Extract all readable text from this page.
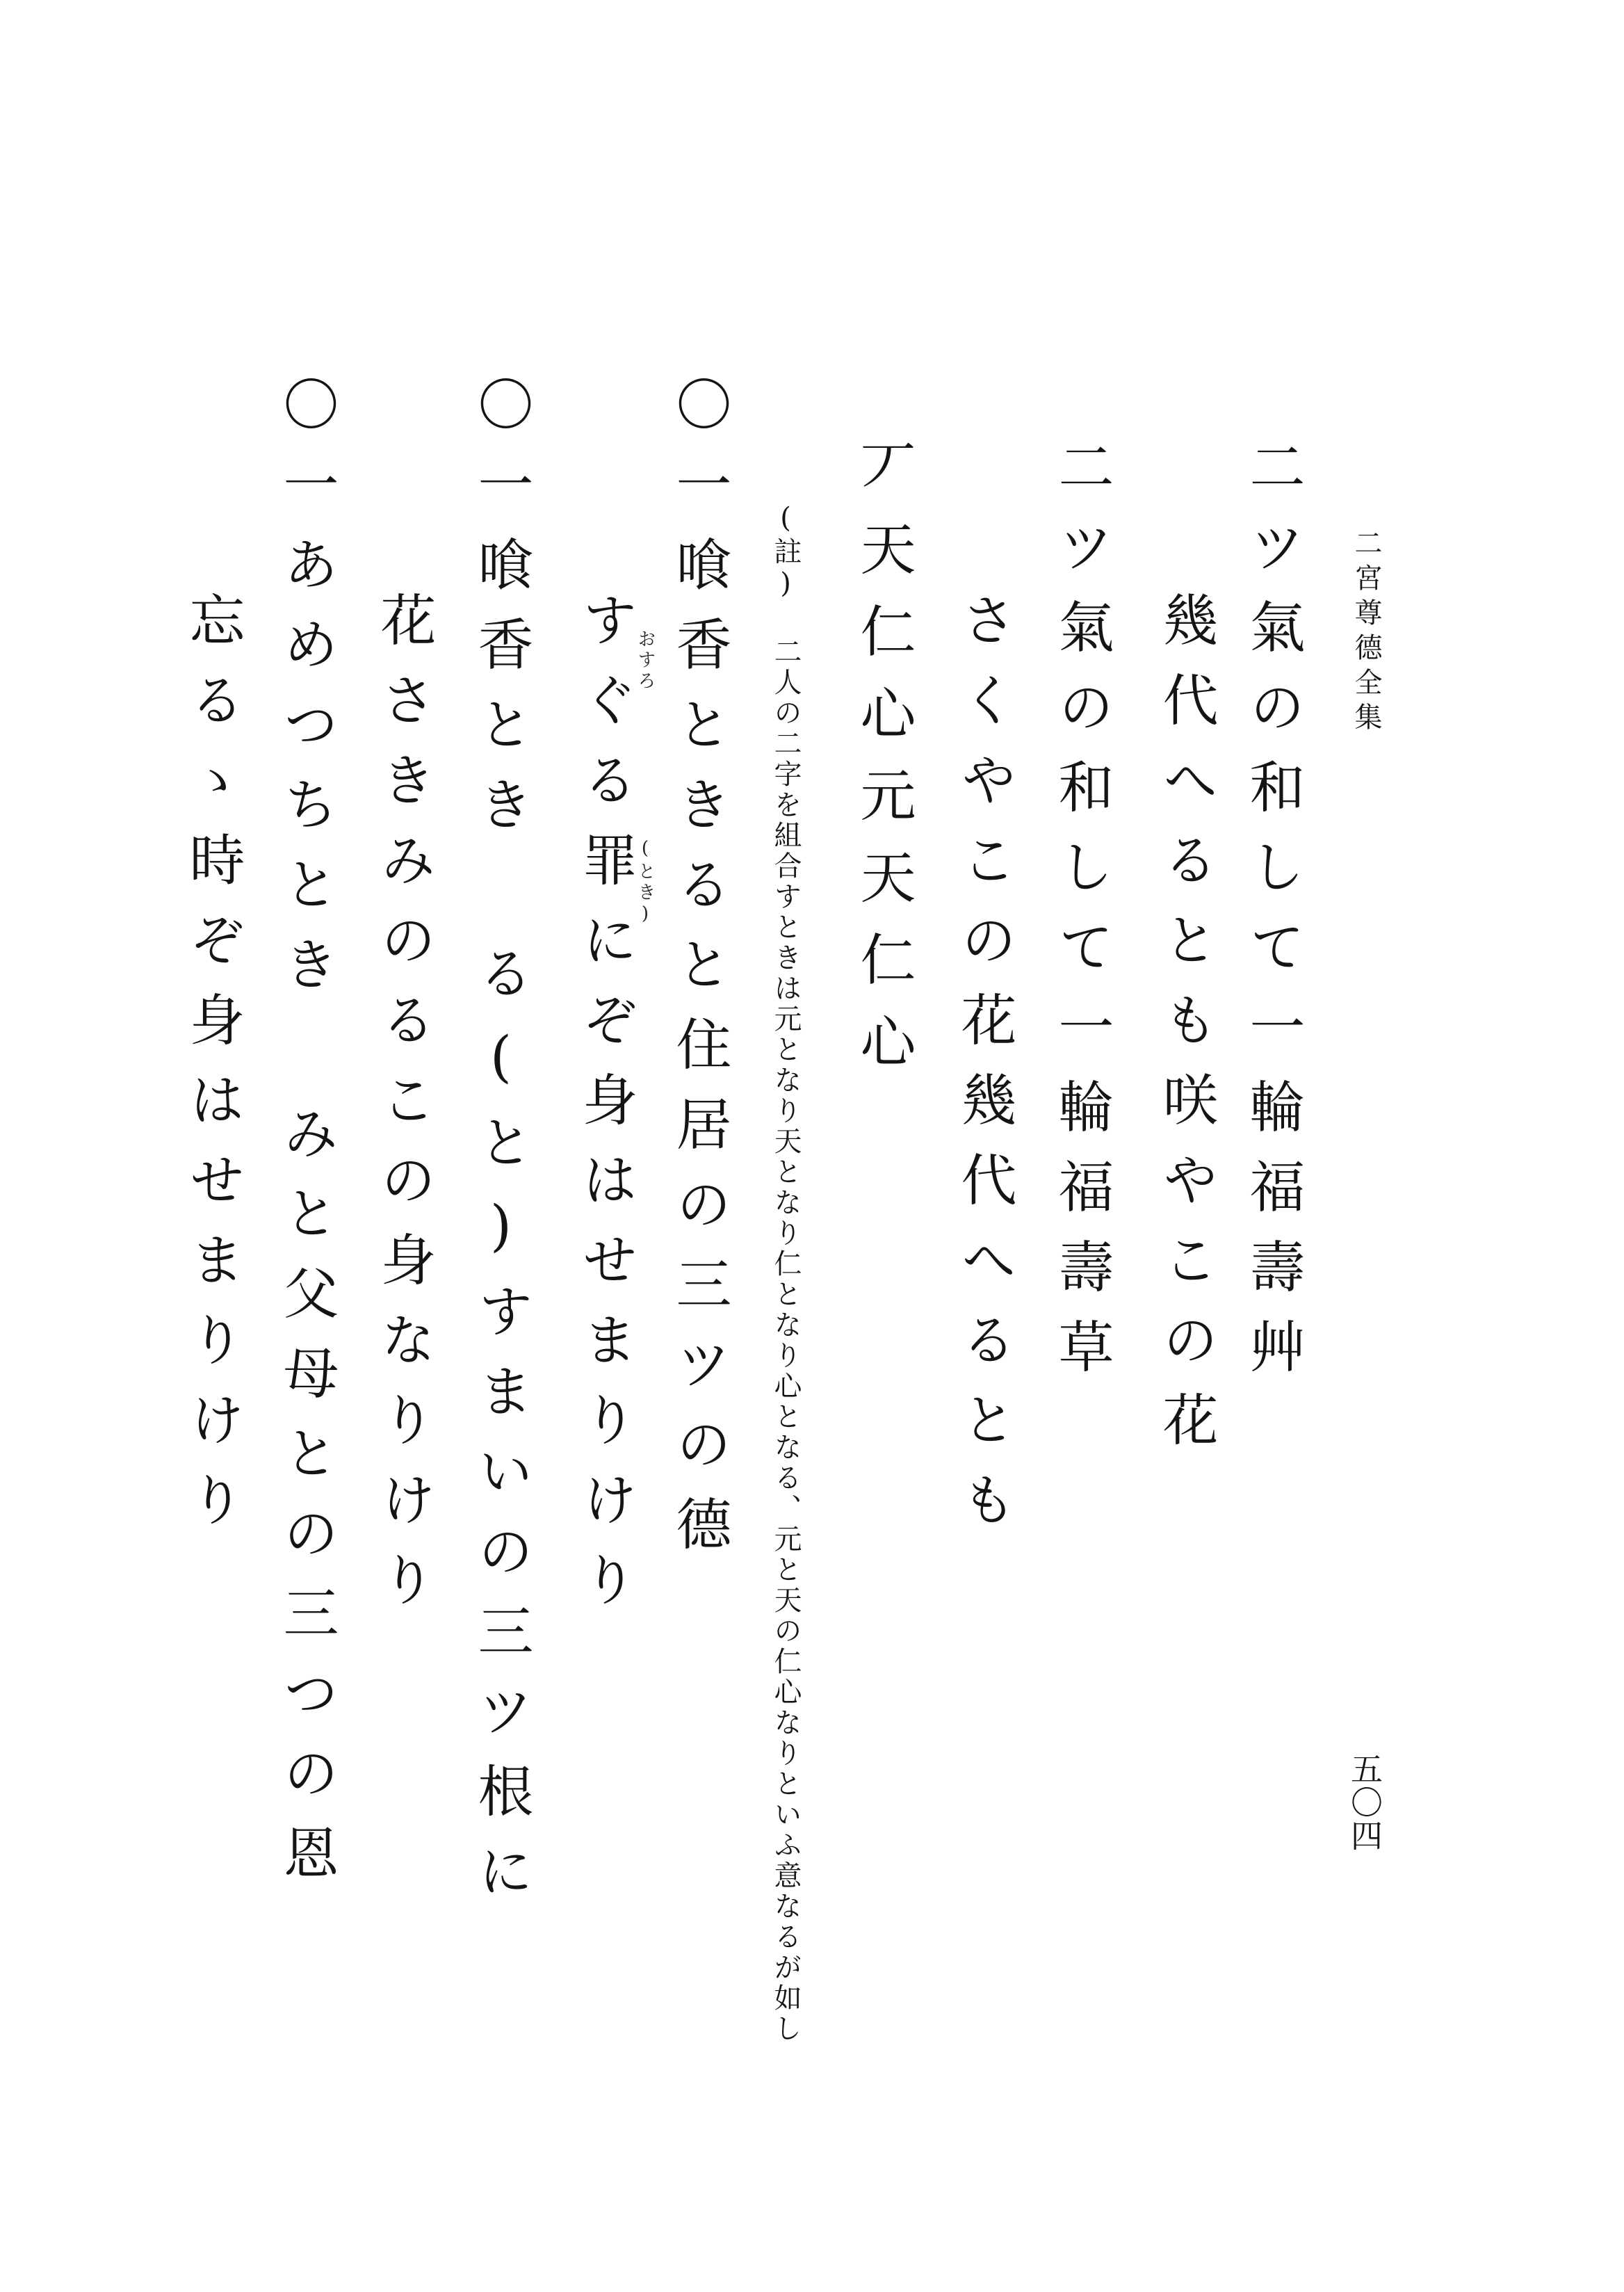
二宮尊德全集
五〇四
二ツ氣の和して一輪福壽艸
幾代へるとも咲やこの花
二ツ氣の和して一輪福壽草
さくやこの花幾代へるとも
丆天仁心元天仁心
(註) 二人の二字を組合すときは元となり天となり仁となり心となる、元と天の仁心なりといふ意なるが如し
〇一喰香ときると住居の三ツの德
おすろ
(とき)
すぐる罪にぞ身はせまりけり
〇一喰香とき る(と)すまいの三ツ根に
花さきみのるこの身なりけり
〇一あめつちとき みと父母との三つの恩
忘るゝ時ぞ身はせまりけり
